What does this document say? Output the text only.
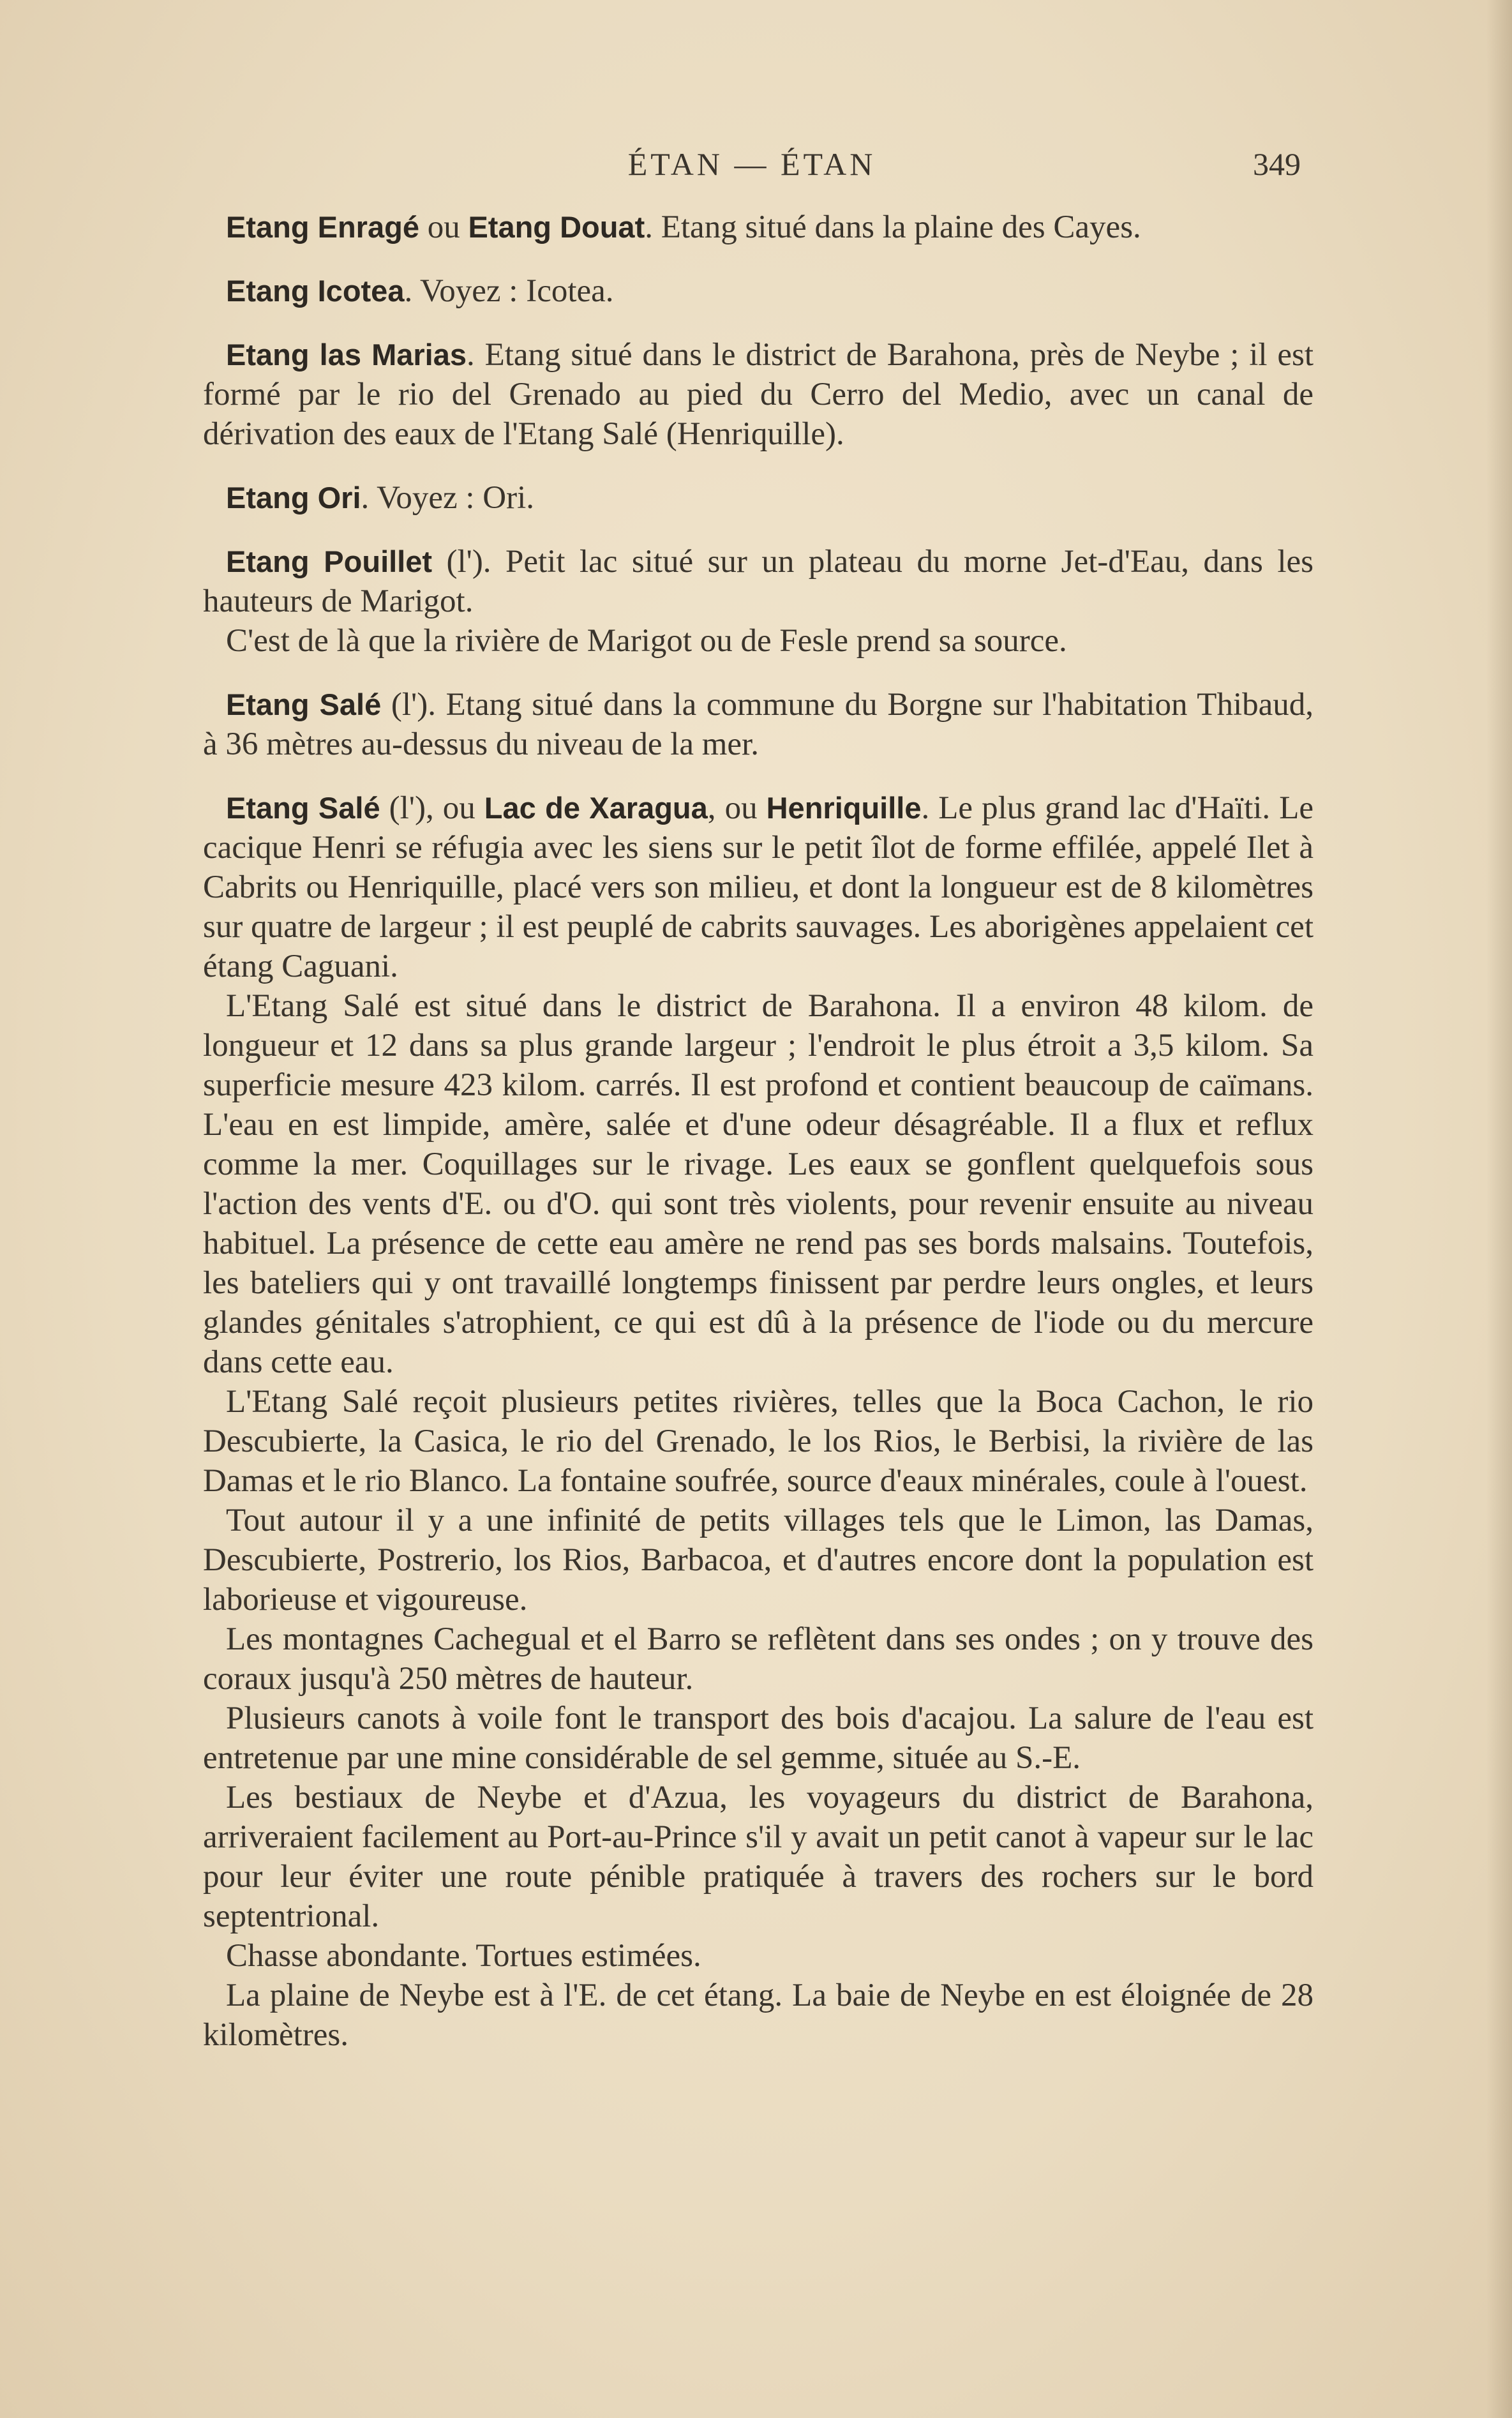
ÉTAN — ÉTAN	349

Etang Enragé ou Etang Douat. Etang situé dans la plaine des Cayes.

Etang Icotea. Voyez : Icotea.

Etang las Marias. Etang situé dans le district de Barahona, près de Neybe ; il est formé par le rio del Grenado au pied du Cerro del Medio, avec un canal de dérivation des eaux de l'Etang Salé (Henriquille).

Etang Ori. Voyez : Ori.

Etang Pouillet (l'). Petit lac situé sur un plateau du morne Jet-d'Eau, dans les hauteurs de Marigot.

C'est de là que la rivière de Marigot ou de Fesle prend sa source.

Etang Salé (l'). Etang situé dans la commune du Borgne sur l'habitation Thibaud, à 36 mètres au-dessus du niveau de la mer.

Etang Salé (l'), ou Lac de Xaragua, ou Henriquille. Le plus grand lac d'Haïti. Le cacique Henri se réfugia avec les siens sur le petit îlot de forme effilée, appelé Ilet à Cabrits ou Henriquille, placé vers son milieu, et dont la longueur est de 8 kilomètres sur quatre de largeur ; il est peuplé de cabrits sauvages. Les aborigènes appelaient cet étang Caguani.

L'Etang Salé est situé dans le district de Barahona. Il a environ 48 kilom. de longueur et 12 dans sa plus grande largeur ; l'endroit le plus étroit a 3,5 kilom. Sa superficie mesure 423 kilom. carrés. Il est profond et contient beaucoup de caïmans. L'eau en est limpide, amère, salée et d'une odeur désagréable. Il a flux et reflux comme la mer. Coquillages sur le rivage. Les eaux se gonflent quelquefois sous l'action des vents d'E. ou d'O. qui sont très violents, pour revenir ensuite au niveau habituel. La présence de cette eau amère ne rend pas ses bords malsains. Toutefois, les bateliers qui y ont travaillé longtemps finissent par perdre leurs ongles, et leurs glandes génitales s'atrophient, ce qui est dû à la présence de l'iode ou du mercure dans cette eau.

L'Etang Salé reçoit plusieurs petites rivières, telles que la Boca Cachon, le rio Descubierte, la Casica, le rio del Grenado, le los Rios, le Berbisi, la rivière de las Damas et le rio Blanco. La fontaine soufrée, source d'eaux minérales, coule à l'ouest.

Tout autour il y a une infinité de petits villages tels que le Limon, las Damas, Descubierte, Postrerio, los Rios, Barbacoa, et d'autres encore dont la population est laborieuse et vigoureuse.

Les montagnes Cachegual et el Barro se reflètent dans ses ondes ; on y trouve des coraux jusqu'à 250 mètres de hauteur.

Plusieurs canots à voile font le transport des bois d'acajou. La salure de l'eau est entretenue par une mine considérable de sel gemme, située au S.-E.

Les bestiaux de Neybe et d'Azua, les voyageurs du district de Barahona, arriveraient facilement au Port-au-Prince s'il y avait un petit canot à vapeur sur le lac pour leur éviter une route pénible pratiquée à travers des rochers sur le bord septentrional.

Chasse abondante. Tortues estimées.

La plaine de Neybe est à l'E. de cet étang. La baie de Neybe en est éloignée de 28 kilomètres.
